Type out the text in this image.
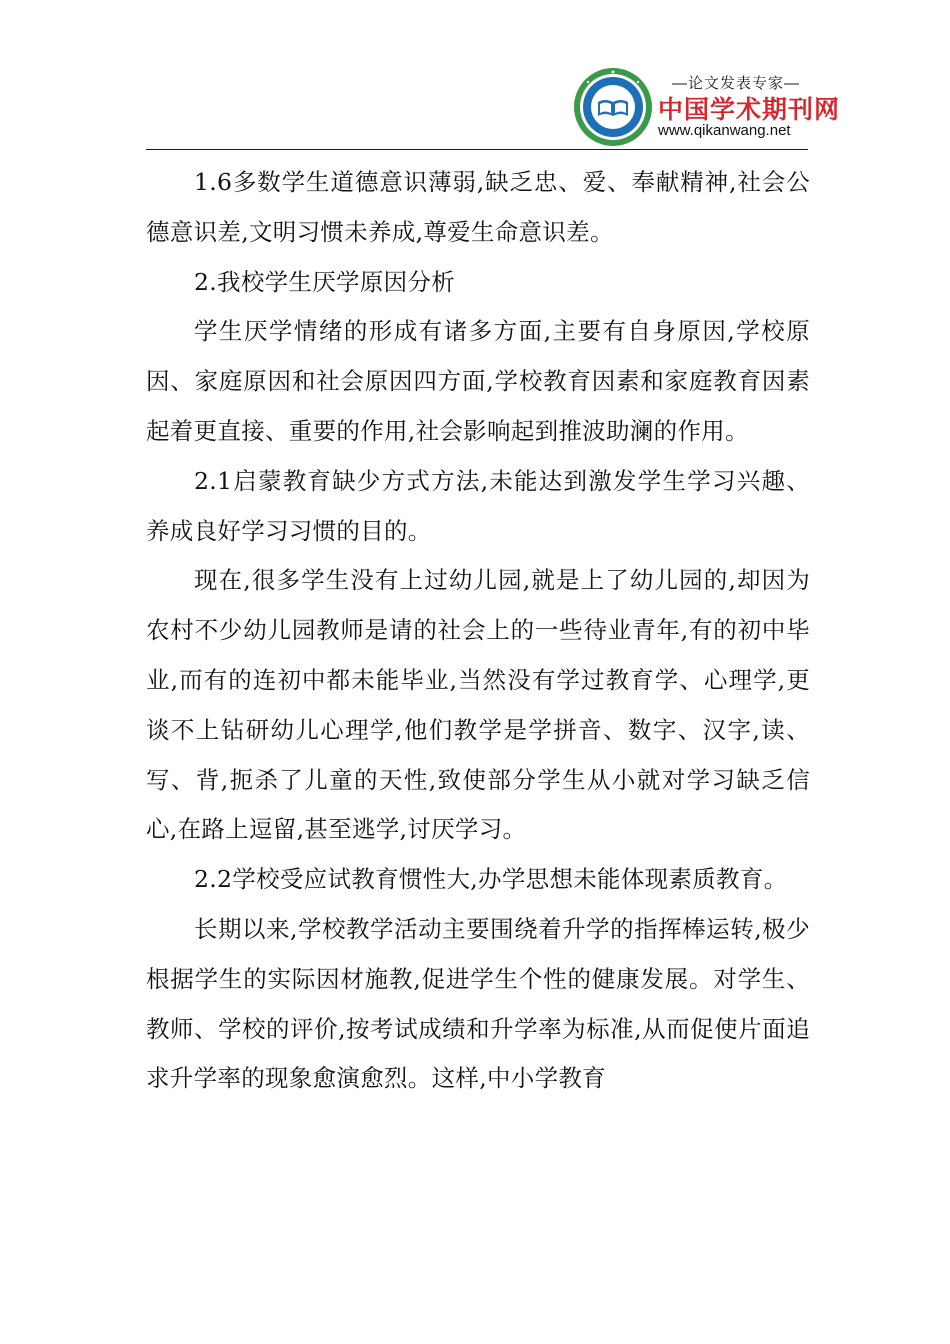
—论文发表专家—
中国学术期刊网
www.qikanwang.net

1.6多数学生道德意识薄弱,缺乏忠、爱、奉献精神,社会公德意识差,文明习惯未养成,尊爱生命意识差。

2.我校学生厌学原因分析

学生厌学情绪的形成有诸多方面,主要有自身原因,学校原因、家庭原因和社会原因四方面,学校教育因素和家庭教育因素起着更直接、重要的作用,社会影响起到推波助澜的作用。

2.1启蒙教育缺少方式方法,未能达到激发学生学习兴趣、养成良好学习习惯的目的。

现在,很多学生没有上过幼儿园,就是上了幼儿园的,却因为农村不少幼儿园教师是请的社会上的一些待业青年,有的初中毕业,而有的连初中都未能毕业,当然没有学过教育学、心理学,更谈不上钻研幼儿心理学,他们教学是学拼音、数字、汉字,读、写、背,扼杀了儿童的天性,致使部分学生从小就对学习缺乏信心,在路上逗留,甚至逃学,讨厌学习。

2.2学校受应试教育惯性大,办学思想未能体现素质教育。

长期以来,学校教学活动主要围绕着升学的指挥棒运转,极少根据学生的实际因材施教,促进学生个性的健康发展。对学生、教师、学校的评价,按考试成绩和升学率为标准,从而促使片面追求升学率的现象愈演愈烈。这样,中小学教育
